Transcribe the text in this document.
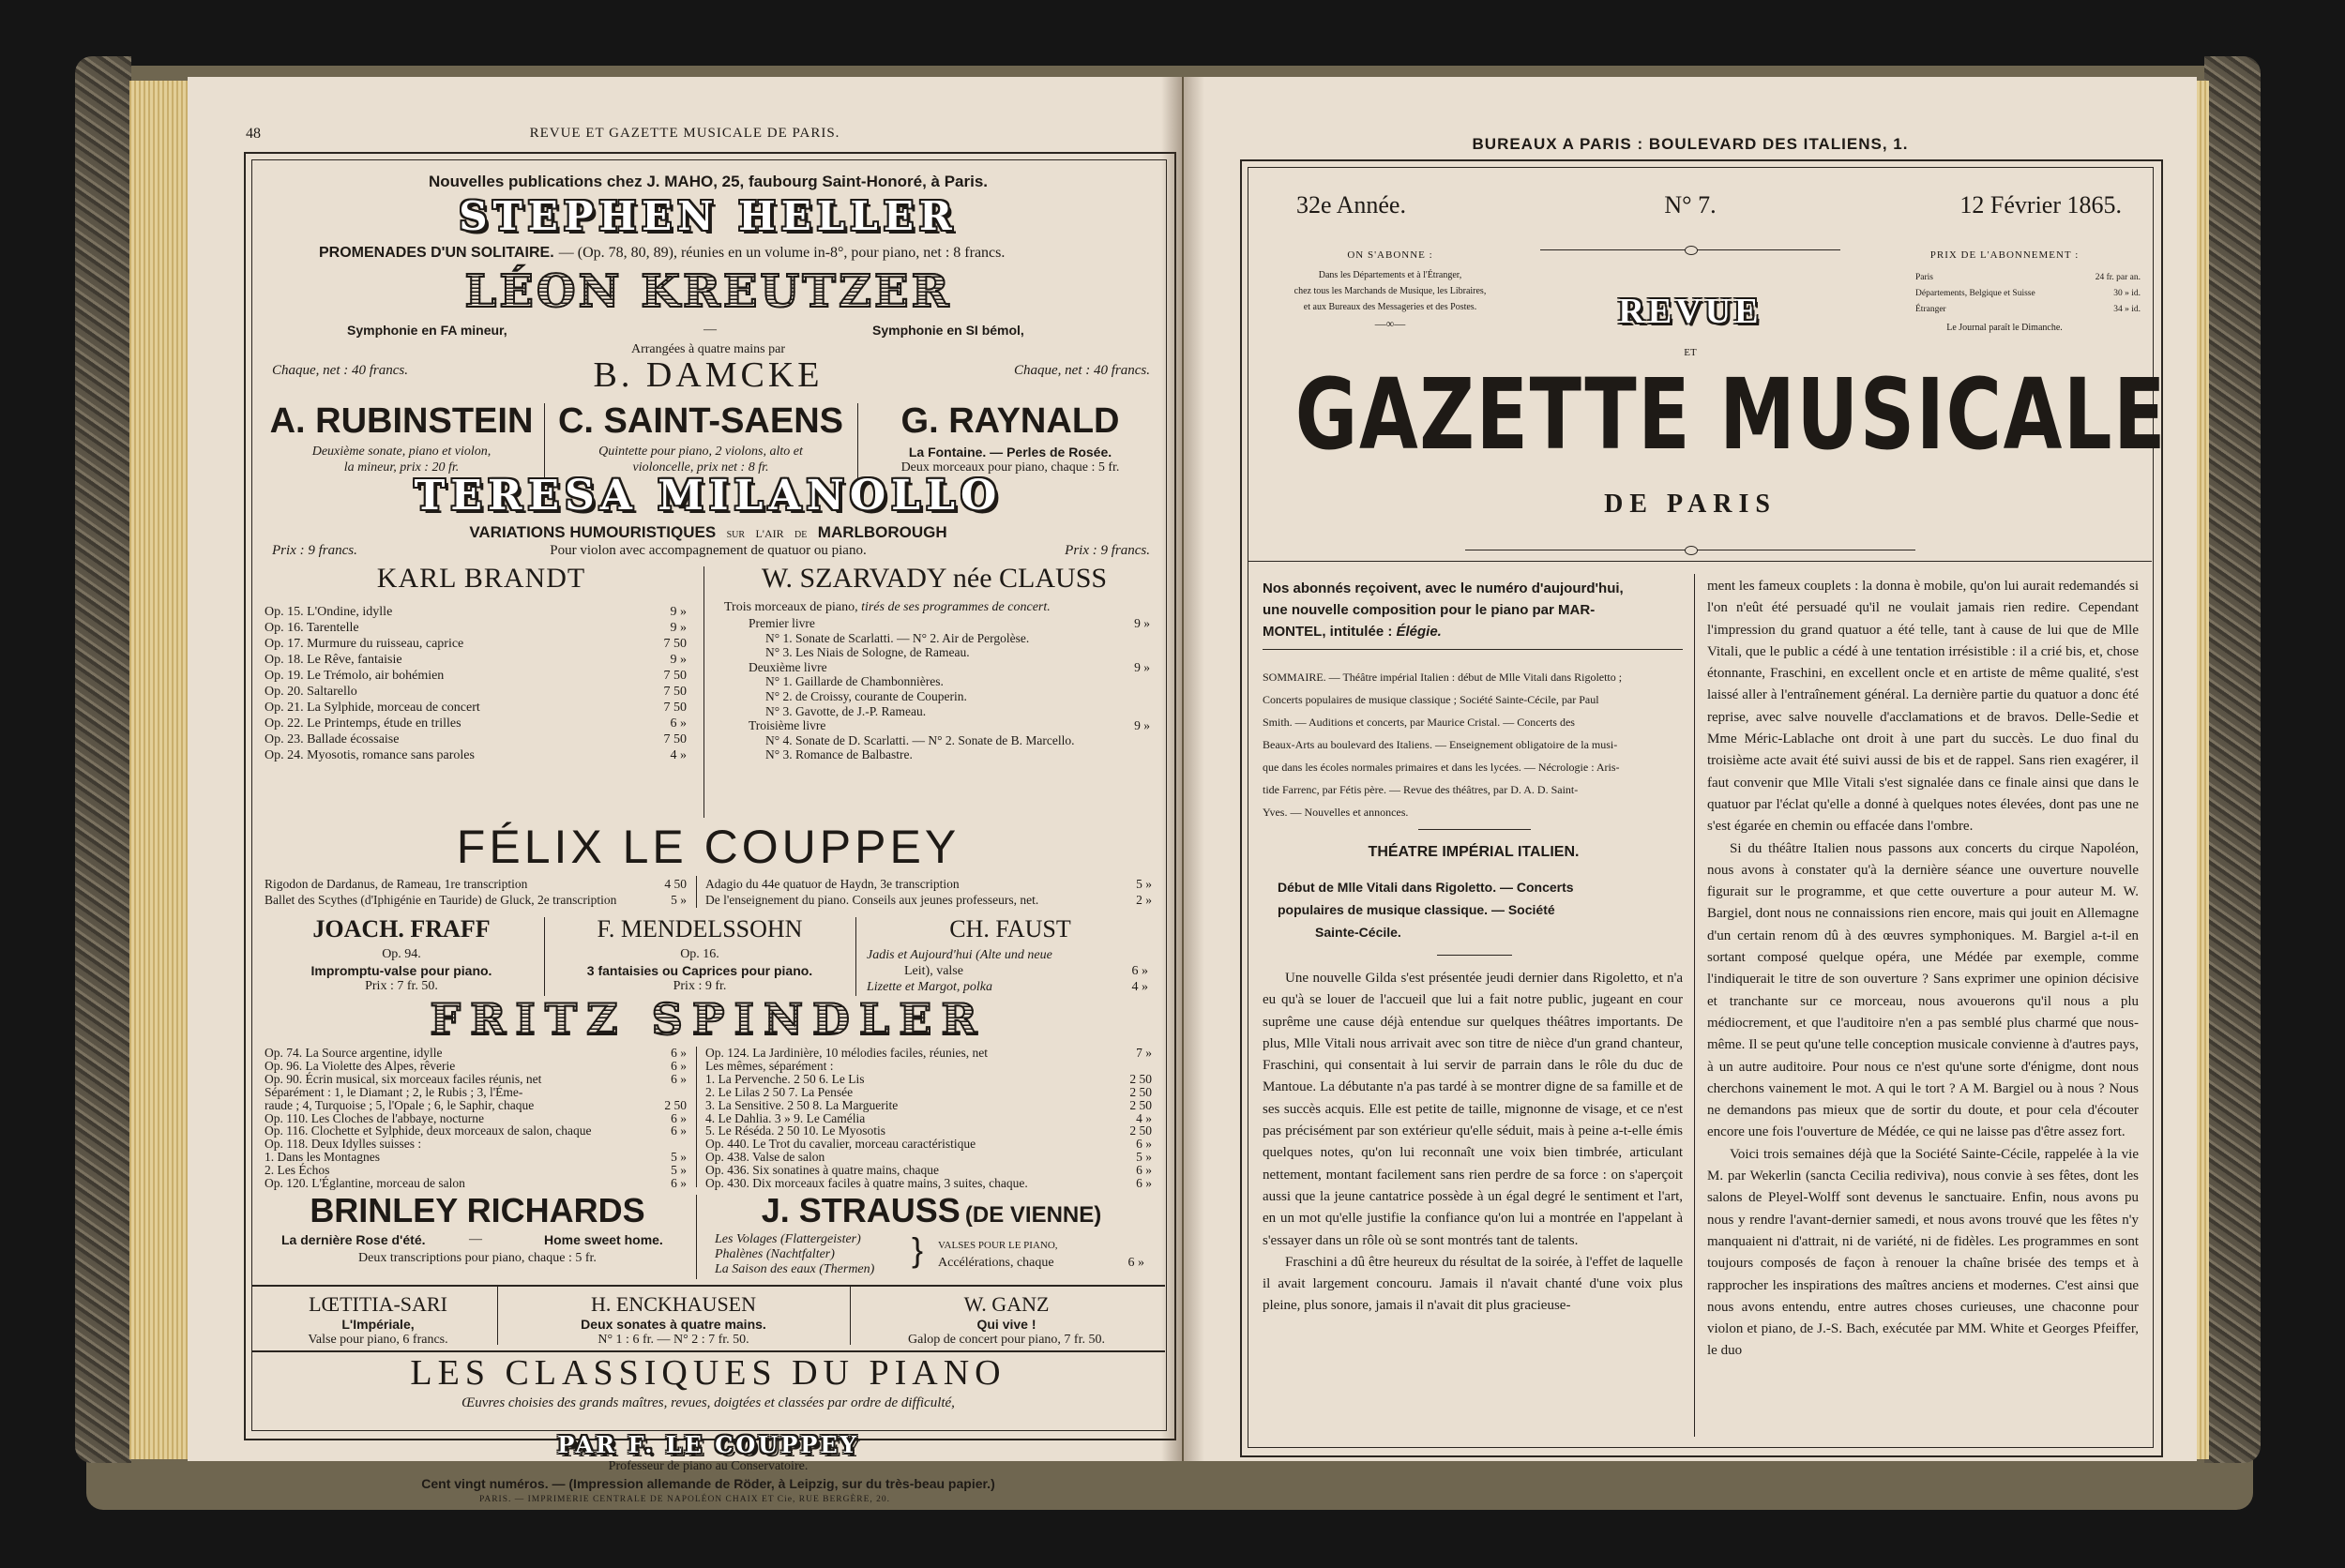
48	REVUE ET GAZETTE MUSICALE DE PARIS.
Nouvelles publications chez J. MAHO, 25, faubourg Saint-Honoré, à Paris.
STEPHEN HELLER
PROMENADES D'UN SOLITAIRE. — (Op. 78, 80, 89), réunies en un volume in-8°, pour piano, net : 8 francs.
LÉON KREUTZER
Symphonie en FA mineur,	—	Symphonie en SI bémol,
Arrangées à quatre mains par
Chaque, net : 40 francs.	B. DAMCKE	Chaque, net : 40 francs.
A. RUBINSTEIN
Deuxième sonate, piano et violon,
la mineur, prix : 20 fr.
C. SAINT-SAENS
Quintette pour piano, 2 violons, alto et
violoncelle, prix net : 8 fr.
G. RAYNALD
La Fontaine. — Perles de Rosée.
Deux morceaux pour piano, chaque : 5 fr.
TERESA MILANOLLO
VARIATIONS HUMOURISTIQUES SUR L'AIR DE MARLBOROUGH
Prix : 9 francs.	Pour violon avec accompagnement de quatuor ou piano.	Prix : 9 francs.
KARL BRANDT
Op. 15. L'Ondine, idylle	9 »
Op. 16. Tarentelle	9 »
Op. 17. Murmure du ruisseau, caprice	7 50
Op. 18. Le Rêve, fantaisie	9 »
Op. 19. Le Trémolo, air bohémien	7 50
Op. 20. Saltarello	7 50
Op. 21. La Sylphide, morceau de concert	7 50
Op. 22. Le Printemps, étude en trilles	6 »
Op. 23. Ballade écossaise	7 50
Op. 24. Myosotis, romance sans paroles	4 »
W. SZARVADY née CLAUSS
Trois morceaux de piano, tirés de ses programmes de concert.
Premier livre	9 »
N° 1. Sonate de Scarlatti. — N° 2. Air de Pergolèse.
N° 3. Les Niais de Sologne, de Rameau.
Deuxième livre	9 »
N° 1. Gaillarde de Chambonnières.
N° 2. de Croissy, courante de Couperin.
N° 3. Gavotte, de J.-P. Rameau.
Troisième livre	9 »
N° 4. Sonate de D. Scarlatti. — N° 2. Sonate de B. Marcello.
N° 3. Romance de Balbastre.
FÉLIX LE COUPPEY
Rigodon de Dardanus, de Rameau, 1re transcription	4 50
Ballet des Scythes (d'Iphigénie en Tauride) de Gluck, 2e transcription	5 »
Adagio du 44e quatuor de Haydn, 3e transcription	5 »
De l'enseignement du piano. Conseils aux jeunes professeurs, net.	2 »
JOACH. FRAFF
Op. 94.
Impromptu-valse pour piano.
Prix : 7 fr. 50.
F. MENDELSSOHN
Op. 16.
3 fantaisies ou Caprices pour piano.
Prix : 9 fr.
CH. FAUST
Jadis et Aujourd'hui (Alte und neue
Leit), valse	6 »
Lizette et Margot, polka	4 »
FRITZ SPINDLER
Op. 74. La Source argentine, idylle	6 »
Op. 96. La Violette des Alpes, rêverie	6 »
Op. 90. Écrin musical, six morceaux faciles réunis, net	6 »
Séparément : 1, le Diamant ; 2, le Rubis ; 3, l'Éme-
raude ; 4, Turquoise ; 5, l'Opale ; 6, le Saphir, chaque	2 50
Op. 110. Les Cloches de l'abbaye, nocturne	6 »
Op. 116. Clochette et Sylphide, deux morceaux de salon, chaque	6 »
Op. 118. Deux Idylles suisses :
1. Dans les Montagnes	5 »
2. Les Échos	5 »
Op. 120. L'Églantine, morceau de salon	6 »
Op. 124. La Jardinière, 10 mélodies faciles, réunies, net	7 »
Les mêmes, séparément :
1. La Pervenche. 2 50 6. Le Lis	2 50
2. Le Lilas 2 50 7. La Pensée	2 50
3. La Sensitive. 2 50 8. La Marguerite	2 50
4. Le Dahlia. 3 » 9. Le Camélia	4 »
5. Le Réséda. 2 50 10. Le Myosotis	2 50
Op. 440. Le Trot du cavalier, morceau caractéristique	6 »
Op. 438. Valse de salon	5 »
Op. 436. Six sonatines à quatre mains, chaque	6 »
Op. 430. Dix morceaux faciles à quatre mains, 3 suites, chaque.	6 »
BRINLEY RICHARDS
La dernière Rose d'été.	—	Home sweet home.
Deux transcriptions pour piano, chaque : 5 fr.
J. STRAUSS (DE VIENNE)
Les Volages (Flattergeister)
Phalènes (Nachtfalter)
La Saison des eaux (Thermen)
} VALSES POUR LE PIANO,
Accélérations, chaque	6 »
LŒTITIA-SARI
L'Impériale,
Valse pour piano, 6 francs.
H. ENCKHAUSEN
Deux sonates à quatre mains.
N° 1 : 6 fr. — N° 2 : 7 fr. 50.
W. GANZ
Qui vive !
Galop de concert pour piano, 7 fr. 50.
LES CLASSIQUES DU PIANO
Œuvres choisies des grands maîtres, revues, doigtées et classées par ordre de difficulté,
PAR F. LE COUPPEY
BUREAUX A PARIS : BOULEVARD DES ITALIENS, 1.
32e Année.	N° 7.	12 Février 1865.
ON S'ABONNE :
Dans les Départements et à l'Étranger,
chez tous les Marchands de Musique, les Libraires,
et aux Bureaux des Messageries et des Postes.
—∞—
PRIX DE L'ABONNEMENT :
Paris	24 fr. par an.
Départements, Belgique et Suisse	30 » id.
Étranger	34 » id.
Le Journal paraît le Dimanche.
REVUE
ET
GAZETTE MUSICALE
DE PARIS
Nos abonnés reçoivent, avec le numéro d'aujourd'hui,
une nouvelle composition pour le piano par MAR-
MONTEL, intitulée : Élégie.
SOMMAIRE. — Théâtre impérial Italien : début de Mlle Vitali dans Rigoletto ;
Concerts populaires de musique classique ; Société Sainte-Cécile, par Paul
Smith. — Auditions et concerts, par Maurice Cristal. — Concerts des
Beaux-Arts au boulevard des Italiens. — Enseignement obligatoire de la musi-
que dans les écoles normales primaires et dans les lycées. — Nécrologie : Aris-
tide Farrenc, par Fétis père. — Revue des théâtres, par D. A. D. Saint-
Yves. — Nouvelles et annonces.
THÉATRE IMPÉRIAL ITALIEN.
Début de Mlle Vitali dans Rigoletto. — Concerts
populaires de musique classique. — Société
Sainte-Cécile.

Une nouvelle Gilda s'est présentée jeudi dernier dans Rigoletto, et n'a eu qu'à se louer de l'accueil que lui a fait notre public, jugeant en cour suprême une cause déjà entendue sur quelques théâtres importants. De plus, Mlle Vitali nous arrivait avec son titre de nièce d'un grand chanteur, Fraschini, qui consentait à lui servir de parrain dans le rôle du duc de Mantoue. La débutante n'a pas tardé à se montrer digne de sa famille et de ses succès acquis. Elle est petite de taille, mignonne de visage, et ce n'est pas précisément par son extérieur qu'elle séduit, mais à peine a-t-elle émis quelques notes, qu'on lui reconnaît une voix bien timbrée, articulant nettement, montant facilement sans rien perdre de sa force : on s'aperçoit aussi que la jeune cantatrice possède à un égal degré le sentiment et l'art, en un mot qu'elle justifie la confiance qu'on lui a montrée en l'appelant à s'essayer dans un rôle où se sont montrés tant de talents.

Fraschini a dû être heureux du résultat de la soirée, à l'effet de laquelle il avait largement concouru. Jamais il n'avait chanté d'une voix plus pleine, plus sonore, jamais il n'avait dit plus gracieuse-

ment les fameux couplets : la donna è mobile, qu'on lui aurait redemandés si l'on n'eût été persuadé qu'il ne voulait jamais rien redire. Cependant l'impression du grand quatuor a été telle, tant à cause de lui que de Mlle Vitali, que le public a cédé à une tentation irrésistible : il a crié bis, et, chose étonnante, Fraschini, en excellent oncle et en artiste de même qualité, s'est laissé aller à l'entraînement général. La dernière partie du quatuor a donc été reprise, avec salve nouvelle d'acclamations et de bravos. Delle-Sedie et Mme Méric-Lablache ont droit à une part du succès. Le duo final du troisième acte avait été suivi aussi de bis et de rappel. Sans rien exagérer, il faut convenir que Mlle Vitali s'est signalée dans ce finale ainsi que dans le quatuor par l'éclat qu'elle a donné à quelques notes élevées, dont pas une ne s'est égarée en chemin ou effacée dans l'ombre.

Si du théâtre Italien nous passons aux concerts du cirque Napoléon, nous avons à constater qu'à la dernière séance une ouverture nouvelle figurait sur le programme, et que cette ouverture a pour auteur M. W. Bargiel, dont nous ne connaissions rien encore, mais qui jouit en Allemagne d'un certain renom dû à des œuvres symphoniques. M. Bargiel a-t-il en sortant composé quelque opéra, une Médée par exemple, comme l'indiquerait le titre de son ouverture ? Sans exprimer une opinion décisive et tranchante sur ce morceau, nous avouerons qu'il nous a plu médiocrement, et que l'auditoire n'en a pas semblé plus charmé que nous-même. Il se peut qu'une telle conception musicale convienne à d'autres pays, à un autre auditoire. Pour nous ce n'est qu'une sorte d'énigme, dont nous cherchons vainement le mot. A qui le tort ? A M. Bargiel ou à nous ? Nous ne demandons pas mieux que de sortir du doute, et pour cela d'écouter encore une fois l'ouverture de Médée, ce qui ne laisse pas d'être assez fort.

Voici trois semaines déjà que la Société Sainte-Cécile, rappelée à la vie M. par Wekerlin (sancta Cecilia rediviva), nous convie à ses fêtes, dont les salons de Pleyel-Wolff sont devenus le sanctuaire. Enfin, nous avons pu nous y rendre l'avant-dernier samedi, et nous avons trouvé que les fêtes n'y manquaient ni d'attrait, ni de variété, ni de fidèles. Les programmes en sont toujours composés de façon à renouer la chaîne brisée des temps et à rapprocher les inspirations des maîtres anciens et modernes. C'est ainsi que nous avons entendu, entre autres choses curieuses, une chaconne pour violon et piano, de J.-S. Bach, exécutée par MM. White et Georges Pfeiffer, le duo

Professeur de piano au Conservatoire.
Cent vingt numéros. — (Impression allemande de Röder, à Leipzig, sur du très-beau papier.)
PARIS. — IMPRIMERIE CENTRALE DE NAPOLÉON CHAIX ET Cie, RUE BERGÈRE, 20.
